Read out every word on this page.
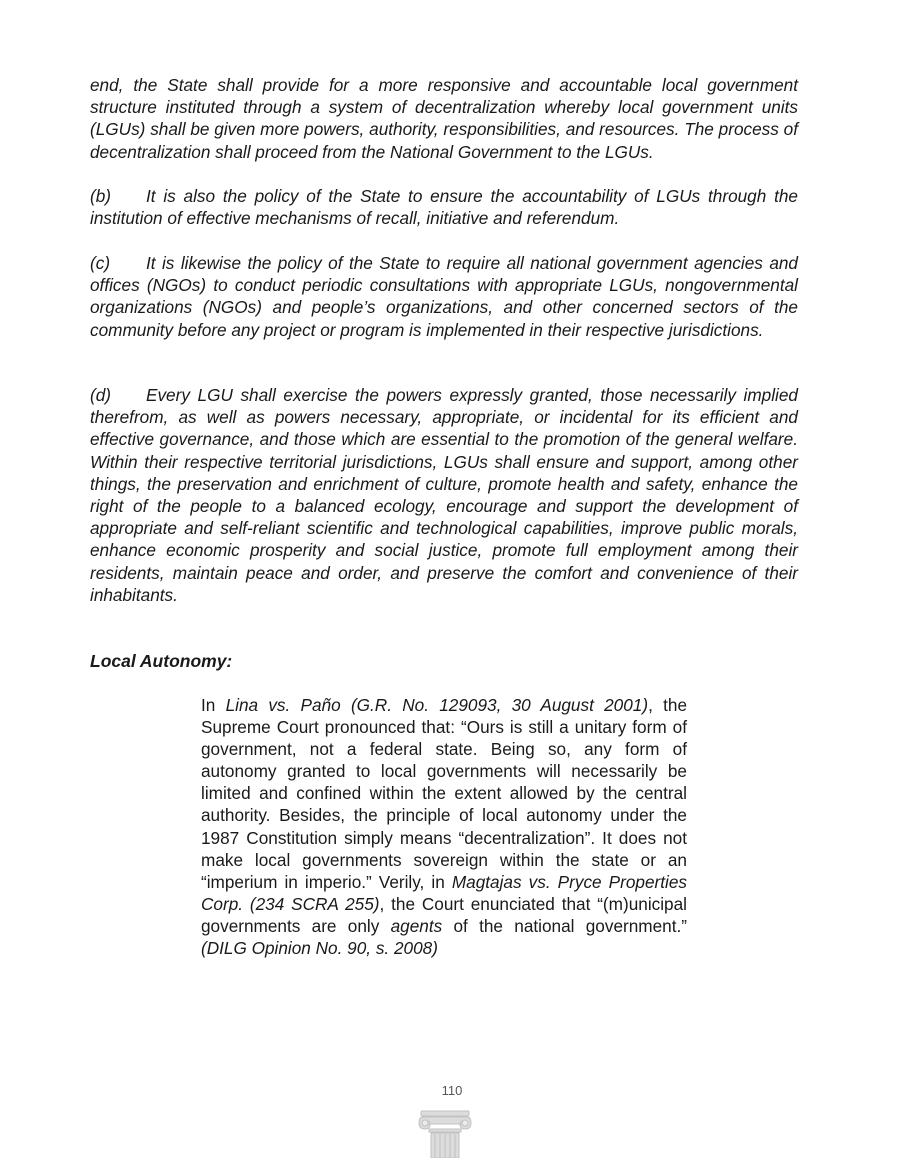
end, the State shall provide for a more responsive and accountable local government structure instituted through a system of decentralization whereby local government units (LGUs) shall be given more powers, authority, responsibilities, and resources. The process of decentralization shall proceed from the National Government to the LGUs.

(b) It is also the policy of the State to ensure the accountability of LGUs through the institution of effective mechanisms of recall, initiative and referendum.

(c) It is likewise the policy of the State to require all national government agencies and offices (NGOs) to conduct periodic consultations with appropriate LGUs, nongovernmental organizations (NGOs) and people’s organizations, and other concerned sectors of the community before any project or program is implemented in their respective jurisdictions.

(d) Every LGU shall exercise the powers expressly granted, those necessarily implied therefrom, as well as powers necessary, appropriate, or incidental for its efficient and effective governance, and those which are essential to the promotion of the general welfare. Within their respective territorial jurisdictions, LGUs shall ensure and support, among other things, the preservation and enrichment of culture, promote health and safety, enhance the right of the people to a balanced ecology, encourage and support the development of appropriate and self-reliant scientific and technological capabilities, improve public morals, enhance economic prosperity and social justice, promote full employment among their residents, maintain peace and order, and preserve the comfort and convenience of their inhabitants.

Local Autonomy:

In Lina vs. Paño (G.R. No. 129093, 30 August 2001), the Supreme Court pronounced that: “Ours is still a unitary form of government, not a federal state. Being so, any form of autonomy granted to local governments will necessarily be limited and confined within the extent allowed by the central authority. Besides, the principle of local autonomy under the 1987 Constitution simply means “decentralization”. It does not make local governments sovereign within the state or an “imperium in imperio.” Verily, in Magtajas vs. Pryce Properties Corp. (234 SCRA 255), the Court enunciated that “(m)unicipal governments are only agents of the national government.” (DILG Opinion No. 90, s. 2008)

110
